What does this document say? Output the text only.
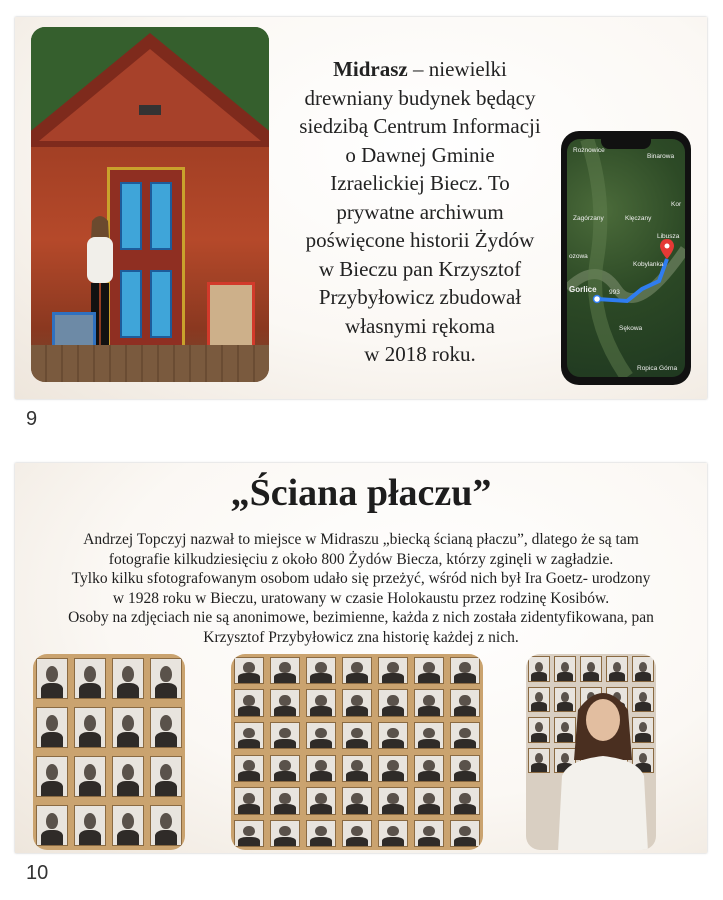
Midrasz – niewielki
drewniany budynek będący
siedzibą Centrum Informacji
o Dawnej Gminie
Izraelickiej Biecz. To
prywatne archiwum
poświęcone historii Żydów
w Bieczu pan Krzysztof
Przybyłowicz zbudował
własnymi rękoma
w 2018 roku.
Rożnowice
Binarowa
Zagórzany	Klęczany
Libusza
Kobylanka
Gorlice
Sękowa
Ropica Górna
ozowa
Kor
993
9
„Ściana płaczu”
Andrzej Topczyj nazwał to miejsce w Midraszu „biecką ścianą płaczu”, dlatego że są tam
fotografie kilkudziesięciu z około 800 Żydów Biecza, którzy zginęli w zagładzie.
Tylko kilku sfotografowanym osobom udało się przeżyć, wśród nich był Ira Goetz- urodzony
w 1928 roku w Bieczu, uratowany w czasie Holokaustu przez rodzinę Kosibów.
Osoby na zdjęciach nie są anonimowe, bezimienne, każda z nich została zidentyfikowana, pan
Krzysztof Przybyłowicz zna historię każdej z nich.
10
